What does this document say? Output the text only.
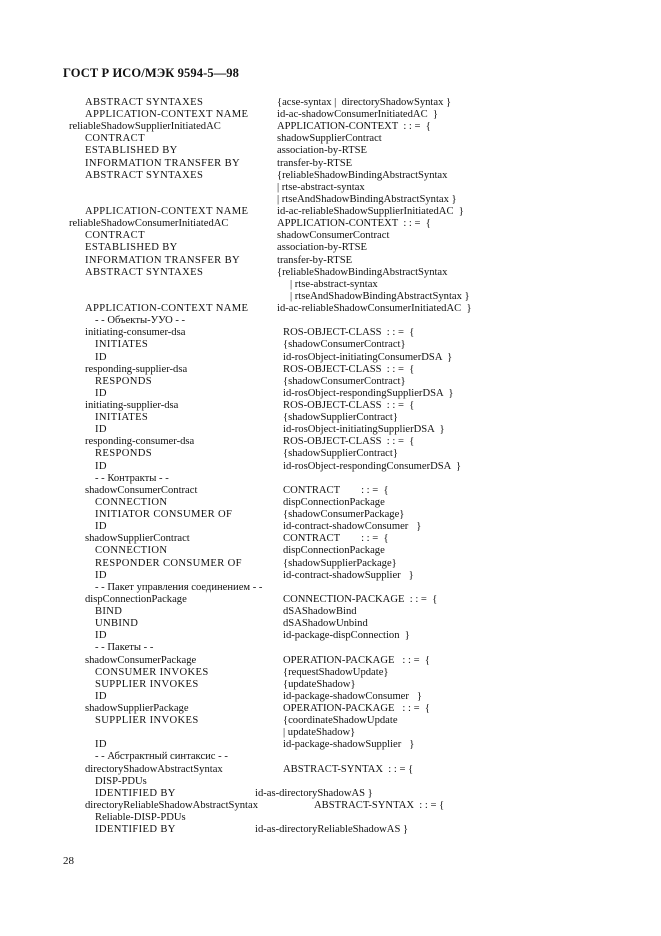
ГОСТ Р ИСО/МЭК 9594-5—98
ABSTRACT SYNTAXES	{acse-syntax |  directoryShadowSyntax }
APPLICATION-CONTEXT NAME	id-ac-shadowConsumerInitiatedAC  }
reliableShadowSupplierInitiatedAC	APPLICATION-CONTEXT  : : =  {
CONTRACT	shadowSupplierContract
ESTABLISHED BY	association-by-RTSE
INFORMATION TRANSFER BY	transfer-by-RTSE
ABSTRACT SYNTAXES	{reliableShadowBindingAbstractSyntax
| rtse-abstract-syntax
| rtseAndShadowBindingAbstractSyntax }
APPLICATION-CONTEXT NAME	id-ac-reliableShadowSupplierInitiatedAC  }
reliableShadowConsumerInitiatedAC	APPLICATION-CONTEXT  : : =  {
CONTRACT	shadowConsumerContract
ESTABLISHED BY	association-by-RTSE
INFORMATION TRANSFER BY	transfer-by-RTSE
ABSTRACT SYNTAXES	{reliableShadowBindingAbstractSyntax
| rtse-abstract-syntax
| rtseAndShadowBindingAbstractSyntax }
APPLICATION-CONTEXT NAME	id-ac-reliableShadowConsumerInitiatedAC  }
- - Объекты-УУО - -
initiating-consumer-dsa	ROS-OBJECT-CLASS  : : =  {
INITIATES	{shadowConsumerContract}
ID	id-rosObject-initiatingConsumerDSA  }
responding-supplier-dsa	ROS-OBJECT-CLASS  : : =  {
RESPONDS	{shadowConsumerContract}
ID	id-rosObject-respondingSupplierDSA  }
initiating-supplier-dsa	ROS-OBJECT-CLASS  : : =  {
INITIATES	{shadowSupplierContract}
ID	id-rosObject-initiatingSupplierDSA  }
responding-consumer-dsa	ROS-OBJECT-CLASS  : : =  {
RESPONDS	{shadowSupplierContract}
ID	id-rosObject-respondingConsumerDSA  }
- - Контракты - -
shadowConsumerContract	CONTRACT        : : =  {
CONNECTION	dispConnectionPackage
INITIATOR CONSUMER OF	{shadowConsumerPackage}
ID	id-contract-shadowConsumer   }
shadowSupplierContract	CONTRACT        : : =  {
CONNECTION	dispConnectionPackage
RESPONDER CONSUMER OF	{shadowSupplierPackage}
ID	id-contract-shadowSupplier   }
- - Пакет управления соединением - -
dispConnectionPackage	CONNECTION-PACKAGE  : : =  {
BIND	dSAShadowBind
UNBIND	dSAShadowUnbind
ID	id-package-dispConnection  }
- - Пакеты - -
shadowConsumerPackage	OPERATION-PACKAGE   : : =  {
CONSUMER INVOKES	{requestShadowUpdate}
SUPPLIER INVOKES	{updateShadow}
ID	id-package-shadowConsumer   }
shadowSupplierPackage	OPERATION-PACKAGE   : : =  {
SUPPLIER INVOKES	{coordinateShadowUpdate
| updateShadow}
ID	id-package-shadowSupplier   }
- - Абстрактный синтаксис - -
directoryShadowAbstractSyntax	ABSTRACT-SYNTAX  : : = {
DISP-PDUs
IDENTIFIED BY	id-as-directoryShadowAS }
directoryReliableShadowAbstractSyntax	ABSTRACT-SYNTAX  : : = {
Reliable-DISP-PDUs
IDENTIFIED BY	id-as-directoryReliableShadowAS }
28
